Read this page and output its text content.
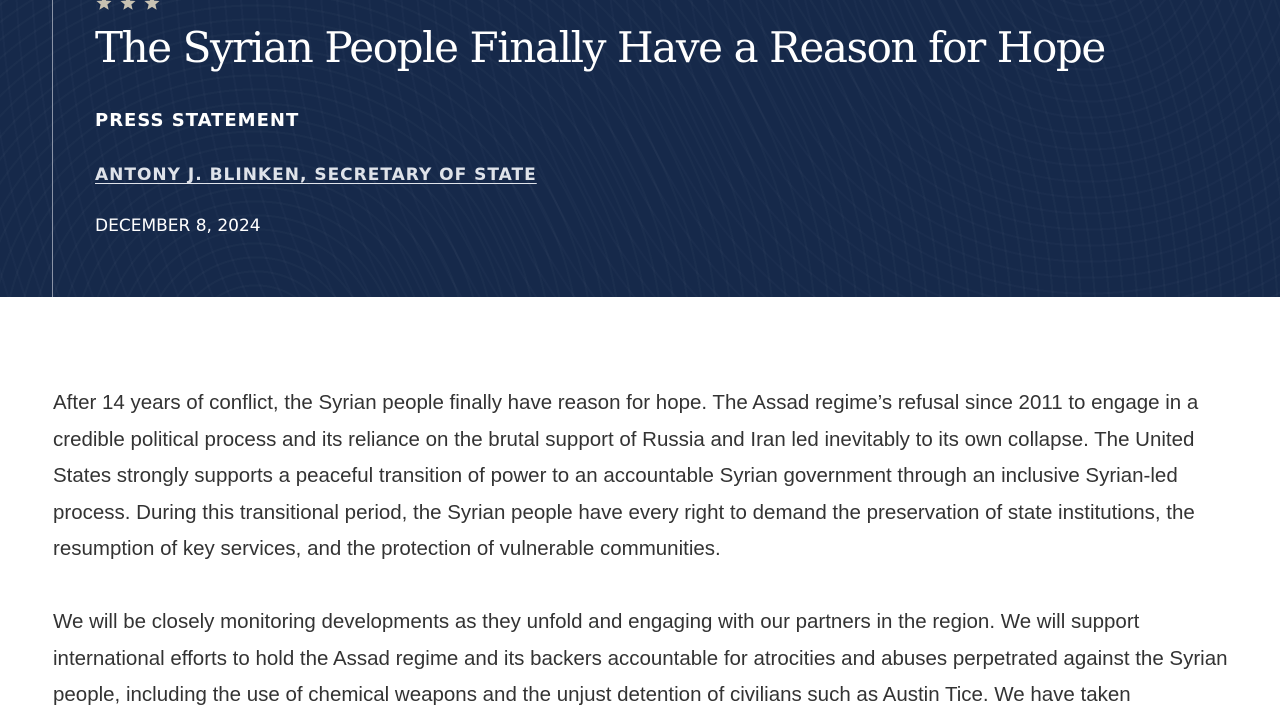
The Syrian People Finally Have a Reason for Hope
PRESS STATEMENT
ANTONY J. BLINKEN, SECRETARY OF STATE
DECEMBER 8, 2024

After 14 years of conflict, the Syrian people finally have reason for hope. The Assad regime’s refusal since 2011 to engage in a credible political process and its reliance on the brutal support of Russia and Iran led inevitably to its own collapse. The United States strongly supports a peaceful transition of power to an accountable Syrian government through an inclusive Syrian-led process. During this transitional period, the Syrian people have every right to demand the preservation of state institutions, the resumption of key services, and the protection of vulnerable communities.

We will be closely monitoring developments as they unfold and engaging with our partners in the region. We will support international efforts to hold the Assad regime and its backers accountable for atrocities and abuses perpetrated against the Syrian people, including the use of chemical weapons and the unjust detention of civilians such as Austin Tice. We have taken
